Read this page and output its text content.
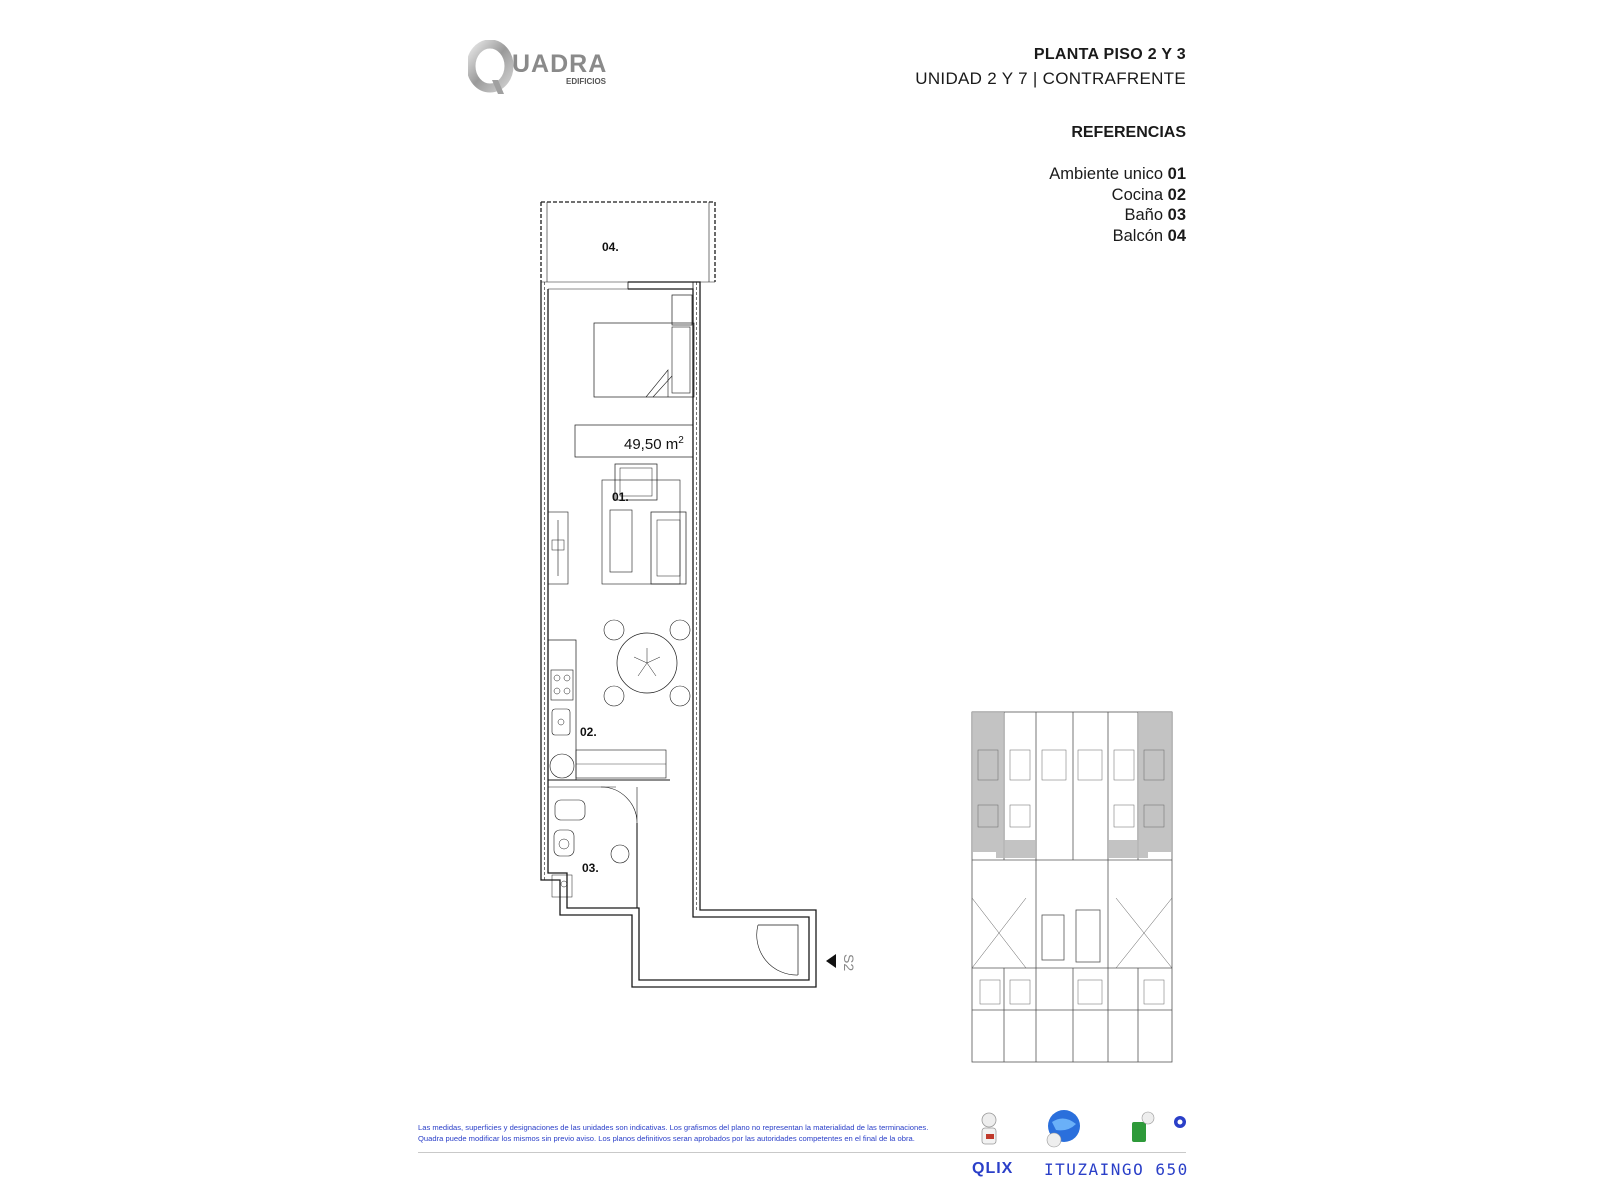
UADRA
EDIFICIOS
PLANTA PISO 2 Y 3
UNIDAD 2 Y 7 | CONTRAFRENTE
REFERENCIAS
Ambiente unico 01
Cocina 02
Baño 03
Balcón 04
04.
01.
02.
03.
49,50 $m^2$
S2
Las medidas, superficies y designaciones de las unidades son indicativas. Los grafismos del plano no representan la materialidad de las terminaciones.
Quadra puede modificar los mismos sin previo aviso. Los planos definitivos seran aprobados por las autoridades competentes en el final de la obra.
QLIX ITUZAINGO 650
